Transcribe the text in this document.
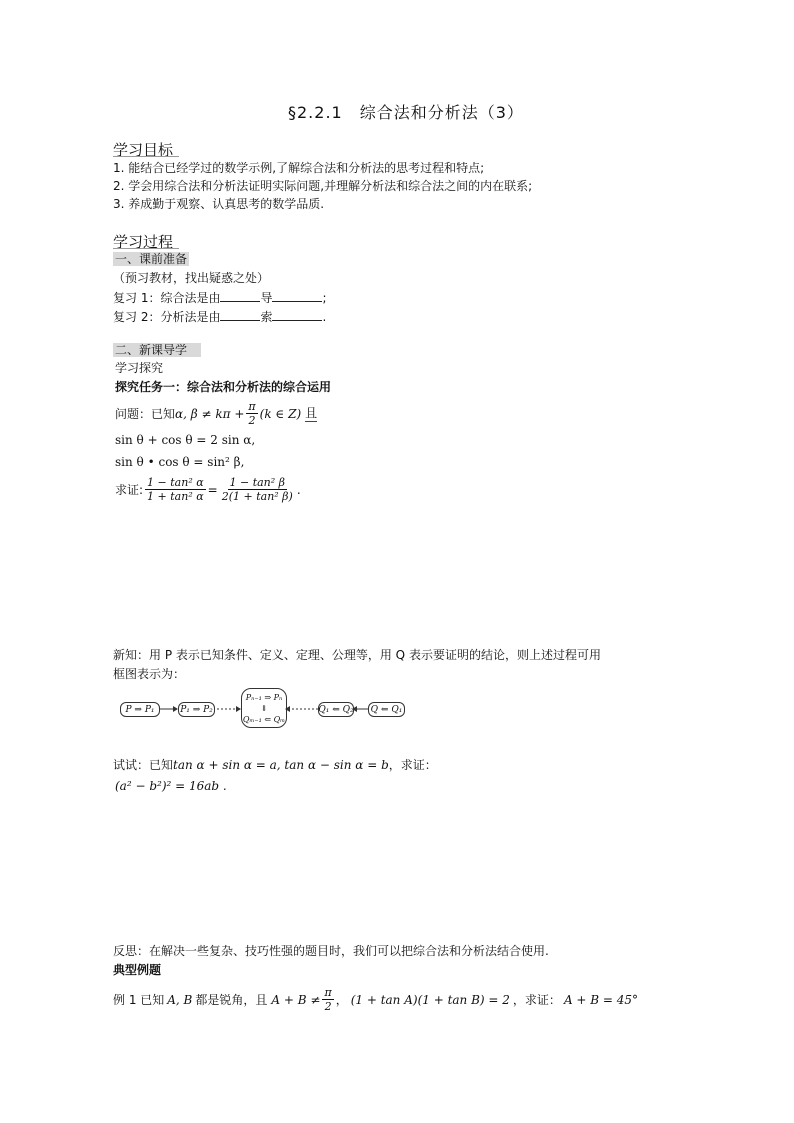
§2.2.1　综合法和分析法（3）
学习目标
1. 能结合已经学过的数学示例,了解综合法和分析法的思考过程和特点;
2. 学会用综合法和分析法证明实际问题,并理解分析法和综合法之间的内在联系;
3. 养成勤于观察、认真思考的数学品质.
学习过程
一、课前准备
（预习教材，找出疑惑之处）
复习 1：综合法是由	导	;
复习 2：分析法是由	索	.
二、新课导学
学习探究
探究任务一：综合法和分析法的综合运用
问题：已知 α, $\beta \ne k\pi + \frac{\pi}{2} (k$ ∈ Z) 且
sin θ + cos θ = 2 sin α,
sin θ • cos θ = sin² β,
求证: $\frac{\text{1 − tan² α}}{\text{1 + tan² α}} = \frac{\text{1 − tan² β}}{\text{2(1 + tan² β)}}$ .
新知：用 P 表示已知条件、定义、定理、公理等，用 Q 表示要证明的结论，则上述过程可用
框图表示为：
P ⇒ P₁	P₁ ⇒ P₂
Pₙ₋₁ ⇒ Pₙ
⇓
Qₘ₋₁ ⇐ Qₘ
Q₁ ⇐ Q₂ Q ⇐ Q₁
试试：已知 tan α + sin α = a, tan α − sin α = b ，求证：
(a² − b²)² = 16ab .
反思：在解决一些复杂、技巧性强的题目时，我们可以把综合法和分析法结合使用.
典型例题
例 1 已知 A, B 都是锐角，且 $A + B \ne \frac{\pi}{2}$ ， (1 + tan A)(1 + tan B) = 2 ，求证： A + B = 45°
